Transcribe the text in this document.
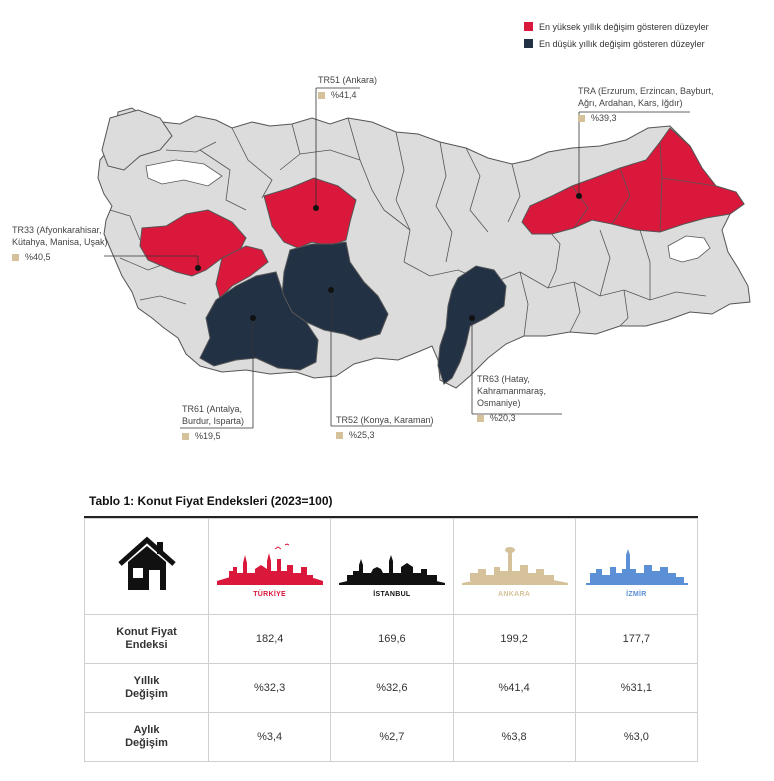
En yüksek yıllık değişim gösteren düzeyler
En düşük yıllık değişim gösteren düzeyler
TR51 (Ankara)
%41,4	TRA (Erzurum, Erzincan, Bayburt,
Ağrı, Ardahan, Kars, Iğdır)
%39,3
TR33 (Afyonkarahisar,
Kütahya, Manisa, Uşak)
%40,5
TR61 (Antalya,
Burdur, Isparta)
%19,5
TR52 (Konya, Karaman)
%25,3
TR63 (Hatay,
Kahramanmaraş,
Osmaniye)
%20,3
Tablo 1: Konut Fiyat Endeksleri (2023=100)

TÜRKİYE	İSTANBUL	ANKARA	İZMİR

Konut Fiyat
Endeksi	182,4	169,6	199,2	177,7

Yıllık
Değişim	%32,3	%32,6	%41,4	%31,1

Aylık
Değişim	%3,4	%2,7	%3,8	%3,0
